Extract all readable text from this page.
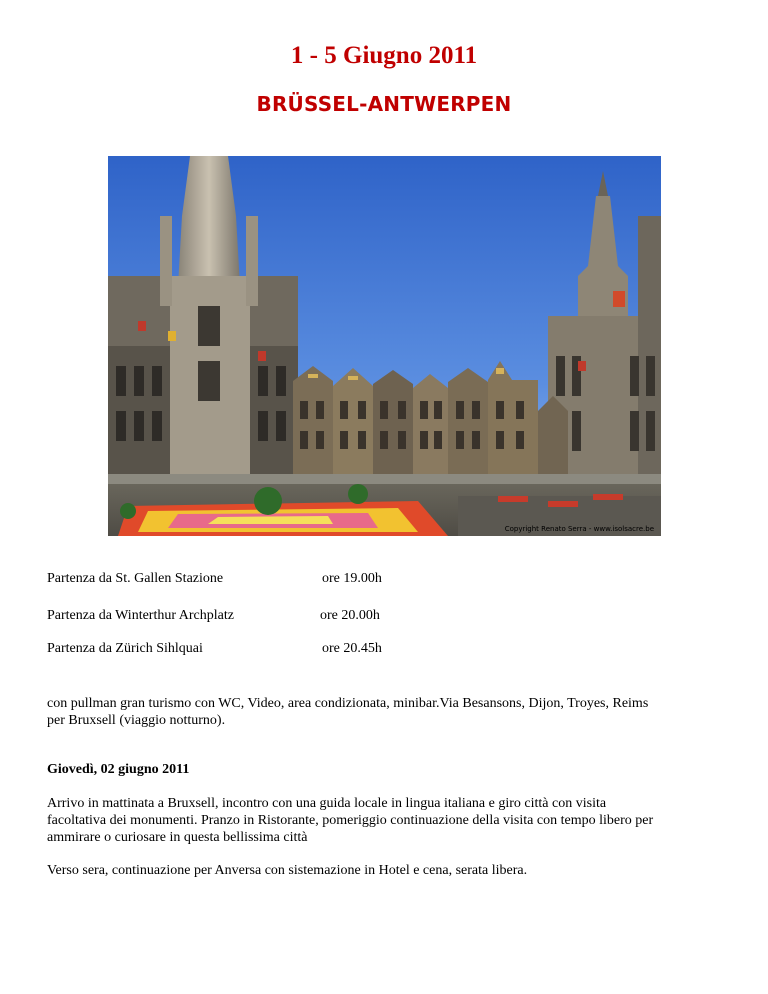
1 - 5 Giugno 2011
BRÜSSEL-ANTWERPEN
Copyright Renato Serra - www.isolsacre.be
Partenza da St. Gallen Stazione	ore 19.00h
Partenza da Winterthur Archplatz	ore 20.00h
Partenza da Zürich Sihlquai	ore 20.45h
con pullman gran turismo con WC, Video, area condizionata, minibar.Via Besansons, Dijon, Troyes, Reims
per Bruxsell (viaggio notturno).
Giovedì, 02 giugno 2011
Arrivo in mattinata a Bruxsell, incontro con una guida locale in lingua italiana e giro città con visita
facoltativa dei monumenti. Pranzo in Ristorante, pomeriggio continuazione della visita con tempo libero per
ammirare o curiosare in questa bellissima città
Verso sera, continuazione per Anversa con sistemazione in Hotel e cena, serata libera.
